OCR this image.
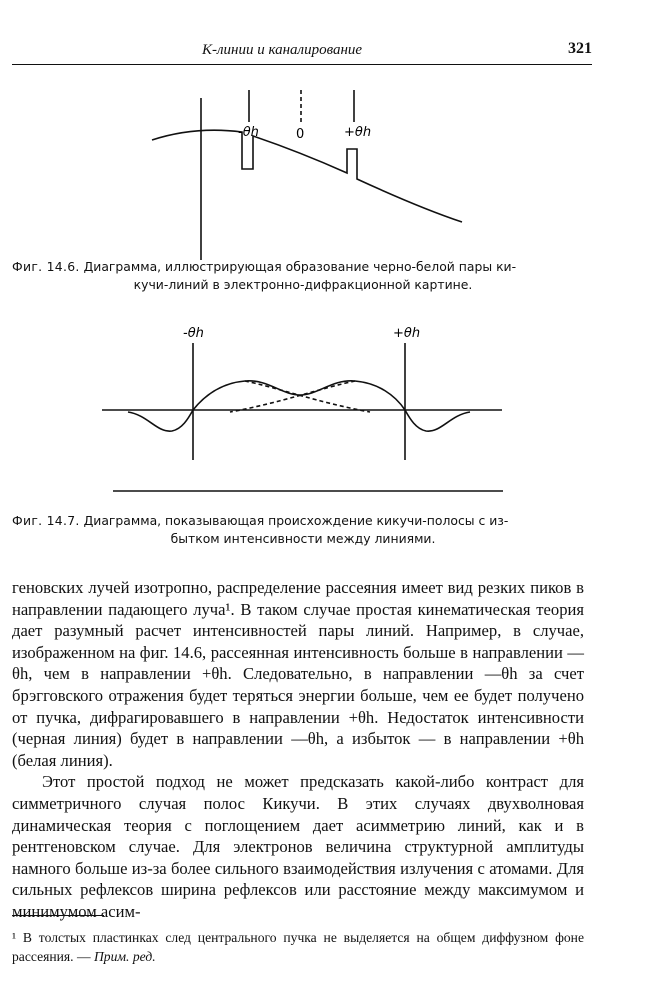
К-линии и каналирование	321
-θh	0	+θh
Фиг. 14.6. Диаграмма, иллюстрирующая образование черно-белой пары ки-
кучи-линий в электронно-дифракционной картине.
-θh	+θh
Фиг. 14.7. Диаграмма, показывающая происхождение кикучи-полосы с из-
бытком интенсивности между линиями.

геновских лучей изотропно, распределение рассеяния имеет вид резких пиков в направлении падающего луча¹. В таком случае простая кинематическая теория дает разумный расчет интенсивностей пары линий. Например, в случае, изображенном на фиг. 14.6, рассеянная интенсивность больше в направлении —θh, чем в направлении +θh. Следовательно, в направлении —θh за счет брэгговского отражения будет теряться энергии больше, чем ее будет получено от пучка, дифрагировавшего в направлении +θh. Недостаток интенсивности (черная линия) будет в направлении —θh, а избыток — в направлении +θh (белая линия).

Этот простой подход не может предсказать какой-либо контраст для симметричного случая полос Кикучи. В этих случаях двухволновая динамическая теория с поглощением дает асимметрию линий, как и в рентгеновском случае. Для электронов величина структурной амплитуды намного больше из-за более сильного взаимодействия излучения с атомами. Для сильных рефлексов ширина рефлексов или расстояние между максимумом и минимумом асим-

¹ В толстых пластинках след центрального пучка не выделяется на общем диффузном фоне рассеяния. — Прим. ред.
